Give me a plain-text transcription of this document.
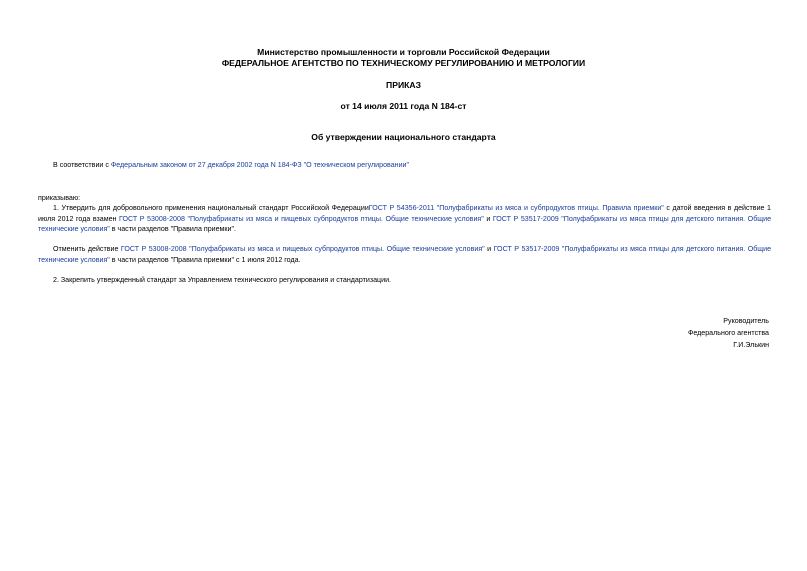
Министерство промышленности и торговли Российской Федерации
ФЕДЕРАЛЬНОЕ АГЕНТСТВО ПО ТЕХНИЧЕСКОМУ РЕГУЛИРОВАНИЮ И МЕТРОЛОГИИ
ПРИКАЗ
от 14 июля 2011 года N 184-ст
Об утверждении национального стандарта
В соответствии с Федеральным законом от 27 декабря 2002 года N 184-ФЗ "О техническом регулировании"
приказываю:
1. Утвердить для добровольного применения национальный стандарт Российской ФедерацииГОСТ Р 54356-2011 "Полуфабрикаты из мяса и субпродуктов птицы. Правила приемки" с датой введения в действие 1 июля 2012 года взамен ГОСТ Р 53008-2008 "Полуфабрикаты из мяса и пищевых субпродуктов птицы. Общие технические условия" и ГОСТ Р 53517-2009 "Полуфабрикаты из мяса птицы для детского питания. Общие технические условия" в части разделов "Правила приемки".
Отменить действие ГОСТ Р 53008-2008 "Полуфабрикаты из мяса и пищевых субпродуктов птицы. Общие технические условия" и ГОСТ Р 53517-2009 "Полуфабрикаты из мяса птицы для детского питания. Общие технические условия" в части разделов "Правила приемки" с 1 июля 2012 года.
2. Закрепить утвержденный стандарт за Управлением технического регулирования и стандартизации.
Руководитель
Федерального агентства
Г.И.Элькин
